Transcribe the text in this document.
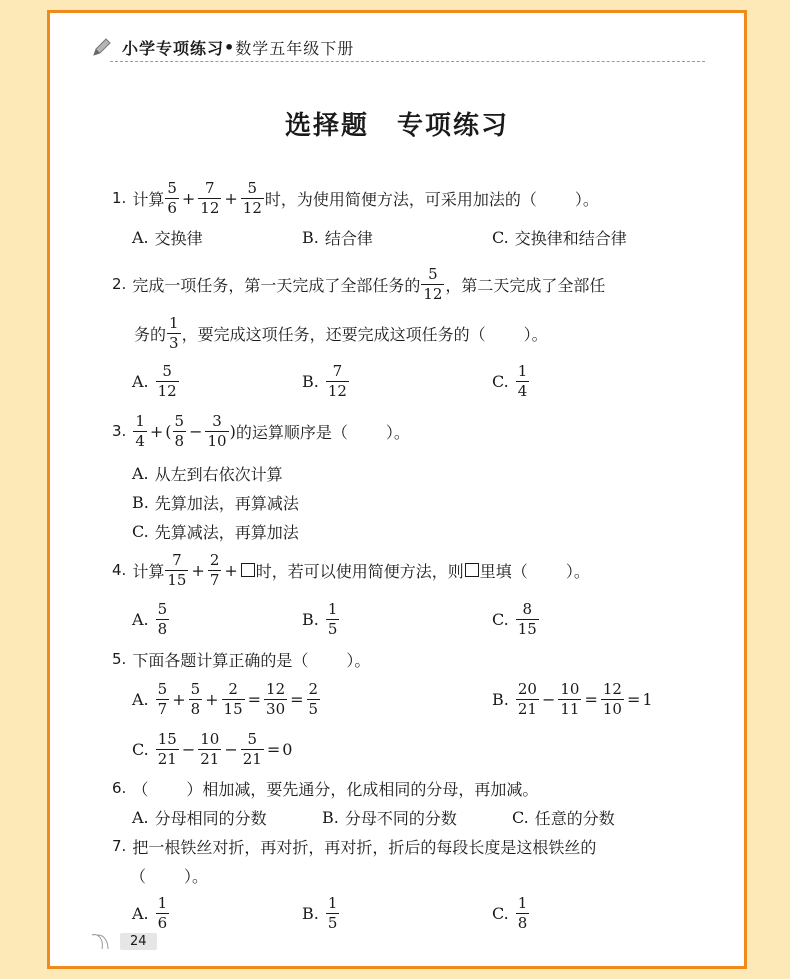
小学专项练习 • 数学五年级下册
选择题　专项练习
1. 计算 $\frac{5}{6} + \frac{7}{12} + \frac{5}{12}$ 时，为使用简便方法，可采用加法的（ ）。
A. 交换律	B. 结合律	C. 交换律和结合律
2. 完成一项任务，第一天完成了全部任务的 $\frac{5}{12}$ ，第二天完成了全部任
务的 $\frac{1}{3}$ ，要完成这项任务，还要完成这项任务的（ ）。
A. $\frac{5}{12}$	B. $\frac{7}{12}$	C. $\frac{1}{4}$
3. $\frac{1}{4}$ + ( $\frac{5}{8} - \frac{3}{10}$ ) 的运算顺序是（ ）。
A. 从左到右依次计算
B. 先算加法，再算减法
C. 先算减法，再算加法
4. 计算 $\frac{7}{15} + \frac{2}{7}$ + 时，若可以使用简便方法，则 里填（ ）。
A. $\frac{5}{8}$	B. $\frac{1}{5}$	C. $\frac{8}{15}$
5. 下面各题计算正确的是（ ）。
A. $\frac{5}{7} + \frac{5}{8} + \frac{2}{15} = \frac{12}{30} = \frac{2}{5}$	B. $\frac{20}{21} - \frac{10}{11} = \frac{12}{10} = 1$
C. $\frac{15}{21} - \frac{10}{21} - \frac{5}{21} = 0$
6. （ ）相加减，要先通分，化成相同的分母，再加减。
A. 分母相同的分数	B. 分母不同的分数	C. 任意的分数
7. 把一根铁丝对折，再对折，再对折，折后的每段长度是这根铁丝的
（ ）。
A. $\frac{1}{6}$	B. $\frac{1}{5}$	C. $\frac{1}{8}$
24
